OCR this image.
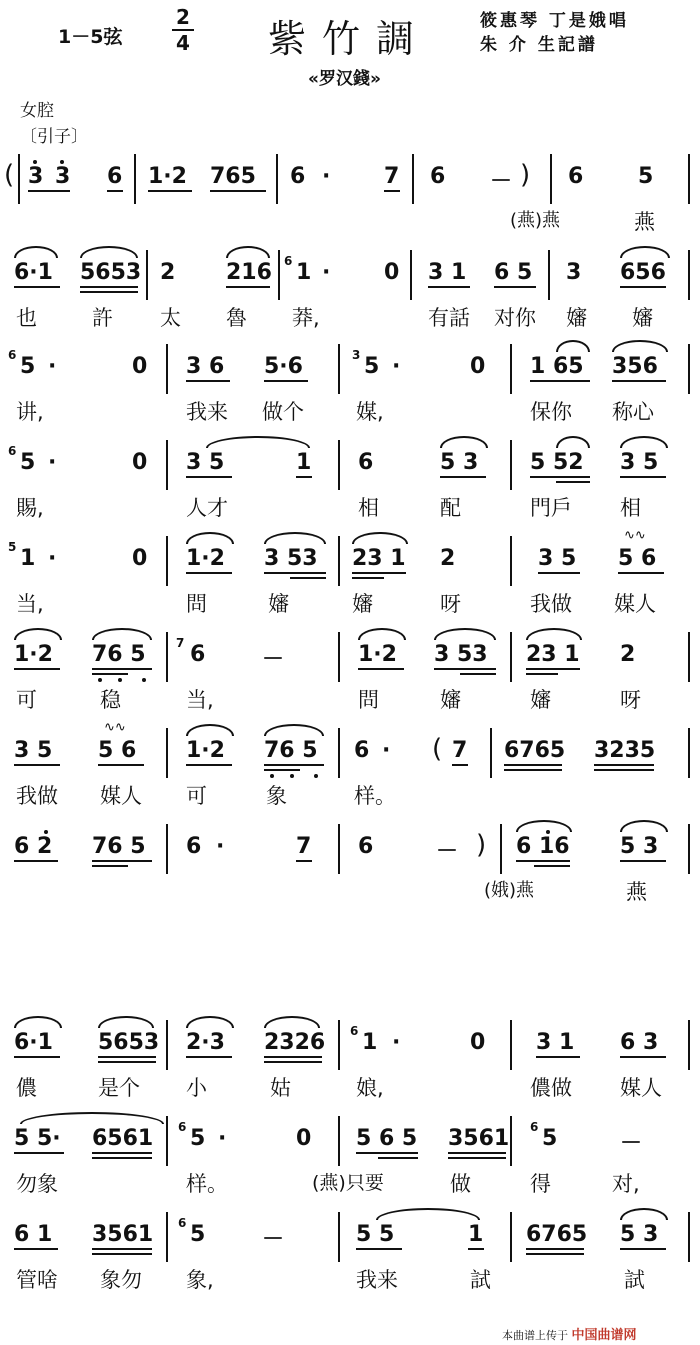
1－5弦
2
4 紫竹調	筱惠琴 丁是娥唱
朱 介 生記譜
«罗汉錢»
女腔
〔引子〕
( 3 3 6 1·2 765 6 · 7 6 － ) 6 5
(燕)燕	燕
6·1 5653 2 216 6 1 · 0 3 1 6 5 3 656
也	許 太 魯 莽,	有話 对你 嬸 嬸
6 5 ·	0 3 6 5·6	3 5 ·	0 1 65 356
讲,	我来 做个 媒,	保你 称心
6 5 ·	0 3 5	1 6	5 3 5 52 3 5
賜,	人才	相	配	門戶 相
5 1 ·	0 1·2 3 53 23 1 2	3 5
∿∿
5 6
当,	問	嬸	嬸	呀	我做 媒人
1·2 76 5	7 6	－	1·2 3 53 23 1 2
可	稳	当,	問	嬸	嬸	呀
3 5
∿∿
5 6 1·2 76 5 6 · ( 7 6765 3235
我做 媒人 可	象	样。
6 2 76 5 6 ·	7 6	－ ) 6 16 5 3
(娥)燕	燕
6·1 5653 2·3 2326 6 1 ·	0 3 1 6 3
儂	是个 小	姑	娘,	儂做 媒人
5 5· 6561 6 5 ·	0 5 6 5 3561 6 5	－
勿象	样。	(燕)只要	做	得	对,
6 1 3561 6 5	－	5 5	1 6765 5 3
管啥 象勿 象,	我来	試	試
本曲谱上传于 中国曲谱网
